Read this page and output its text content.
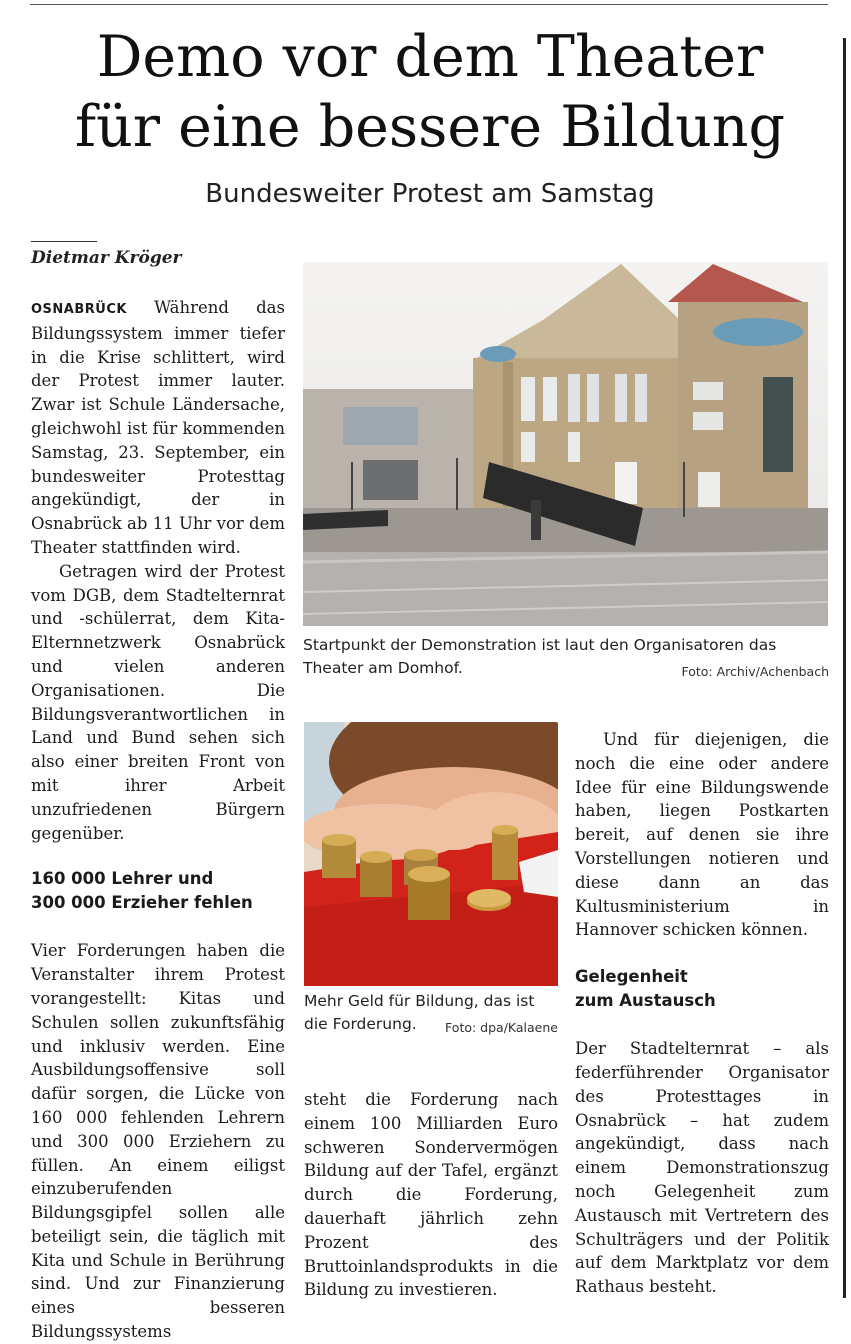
Demo vor dem Theater
für eine bessere Bildung
Bundesweiter Protest am Samstag
Dietmar Kröger

OSNABRÜCK Während das Bildungssystem immer tiefer in die Krise schlittert, wird der Protest immer lauter. Zwar ist Schule Ländersache, gleichwohl ist für kommenden Samstag, 23. September, ein bundesweiter Protesttag angekündigt, der in Osnabrück ab 11 Uhr vor dem Theater stattfinden wird.

Getragen wird der Protest vom DGB, dem Stadtelternrat und -schülerrat, dem Kita-Elternnetzwerk Osnabrück und vielen anderen Organisationen. Die Bildungsverantwortlichen in Land und Bund sehen sich also einer breiten Front von mit ihrer Arbeit unzufriedenen Bürgern gegenüber.

160 000 Lehrer und
300 000 Erzieher fehlen

Vier Forderungen haben die Veranstalter ihrem Protest vorangestellt: Kitas und Schulen sollen zukunftsfähig und inklusiv werden. Eine Ausbildungsoffensive soll dafür sorgen, die Lücke von 160 000 fehlenden Lehrern und 300 000 Erziehern zu füllen. An einem eiligst einzuberufenden Bildungsgipfel sollen alle beteiligt sein, die täglich mit Kita und Schule in Berührung sind. Und zur Finanzierung eines besseren Bildungssystems

Startpunkt der Demonstration ist laut den Organisatoren das Theater am Domhof.	Foto: Archiv/Achenbach
Mehr Geld für Bildung, das ist die Forderung. Foto: dpa/Kalaene

steht die Forderung nach einem 100 Milliarden Euro schweren Sondervermögen Bildung auf der Tafel, ergänzt durch die Forderung, dauerhaft jährlich zehn Prozent des Bruttoinlandsprodukts in die Bildung zu investieren.

Und für diejenigen, die noch die eine oder andere Idee für eine Bildungswende haben, liegen Postkarten bereit, auf denen sie ihre Vorstellungen notieren und diese dann an das Kultusministerium in Hannover schicken können.

Gelegenheit
zum Austausch

Der Stadtelternrat – als federführender Organisator des Protesttages in Osnabrück – hat zudem angekündigt, dass nach einem Demonstrationszug noch Gelegenheit zum Austausch mit Vertretern des Schulträgers und der Politik auf dem Marktplatz vor dem Rathaus besteht.
